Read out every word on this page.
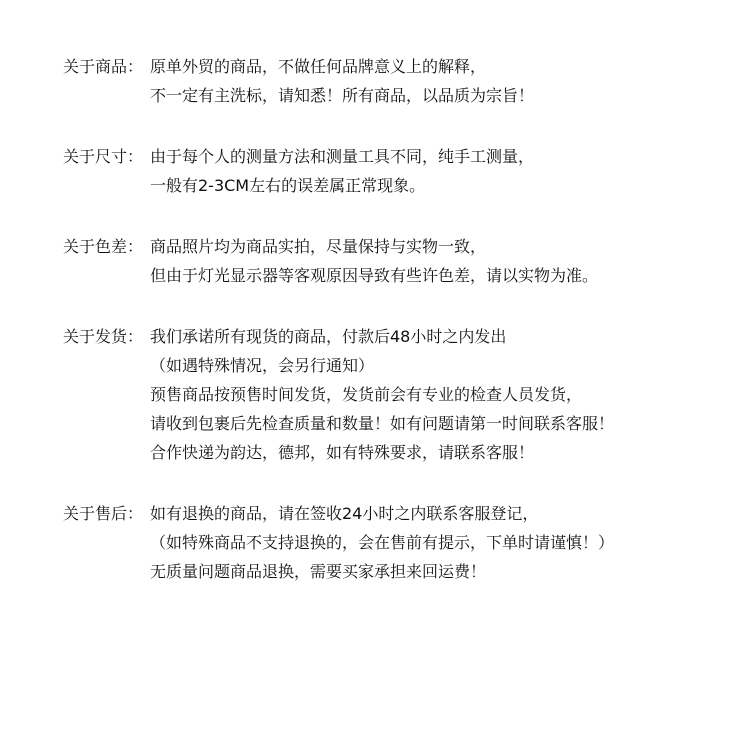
关于商品： 原单外贸的商品，不做任何品牌意义上的解释，
不一定有主洗标，请知悉！所有商品，以品质为宗旨！
关于尺寸： 由于每个人的测量方法和测量工具不同，纯手工测量，
一般有2-3CM左右的误差属正常现象。
关于色差： 商品照片均为商品实拍，尽量保持与实物一致，
但由于灯光显示器等客观原因导致有些许色差，请以实物为准。
关于发货： 我们承诺所有现货的商品，付款后48小时之内发出
（如遇特殊情况，会另行通知）
预售商品按预售时间发货，发货前会有专业的检查人员发货，
请收到包裹后先检查质量和数量！如有问题请第一时间联系客服！
合作快递为韵达，德邦，如有特殊要求，请联系客服！
关于售后： 如有退换的商品，请在签收24小时之内联系客服登记，
（如特殊商品不支持退换的，会在售前有提示，下单时请谨慎！）
无质量问题商品退换，需要买家承担来回运费！
